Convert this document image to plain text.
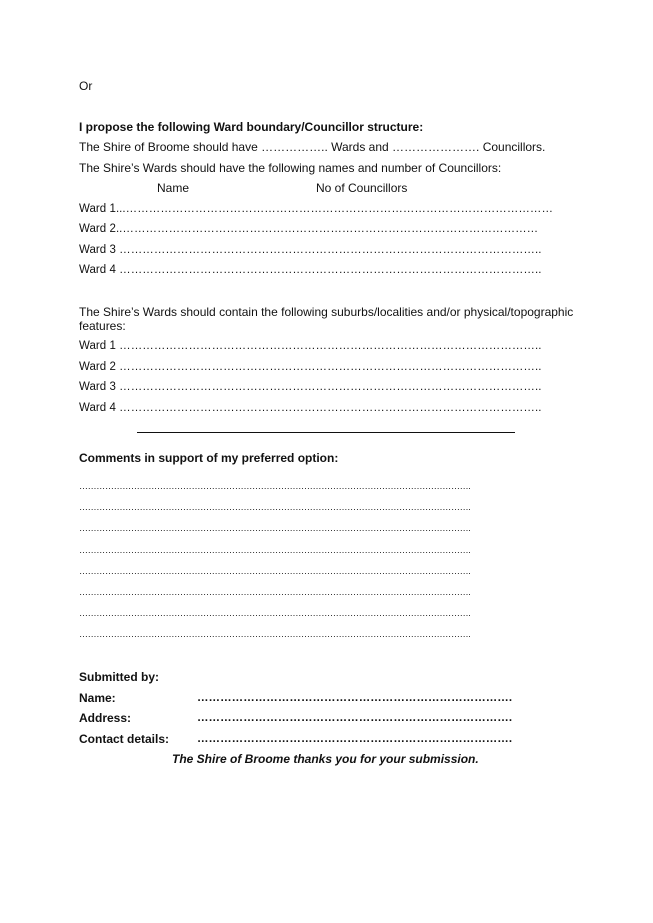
Or
I propose the following Ward boundary/Councillor structure:
The Shire of Broome should have …………….. Wards and …………………. Councillors.
The Shire’s Wards should have the following names and number of Councillors:
Name	No of Councillors
Ward 1...…………………………………………………………………………………………………
Ward 2..………………………………………………………………………………………………
Ward 3 ………………………………………………………………………………………………..
Ward 4 ………………………………………………………………………………………………..
The Shire’s Wards should contain the following suburbs/localities and/or physical/topographic features:
Ward 1 ………………………………………………………………………………………………..
Ward 2 ………………………………………………………………………………………………..
Ward 3 ………………………………………………………………………………………………..
Ward 4 ………………………………………………………………………………………………..
Comments in support of my preferred option:
……………………………………………………………………………………………………………………….
……………………………………………………………………………………………………………………….
……………………………………………………………………………………………………………………….
……………………………………………………………………………………………………………………….
……………………………………………………………………………………………………………………….
……………………………………………………………………………………………………………………….
……………………………………………………………………………………………………………………….
……………………………………………………………………………………………………………………….
Submitted by:
Name:	……………………………………………………………………….
Address:	……………………………………………………………………….
Contact details: ……………………………………………………………………….
The Shire of Broome thanks you for your submission.
